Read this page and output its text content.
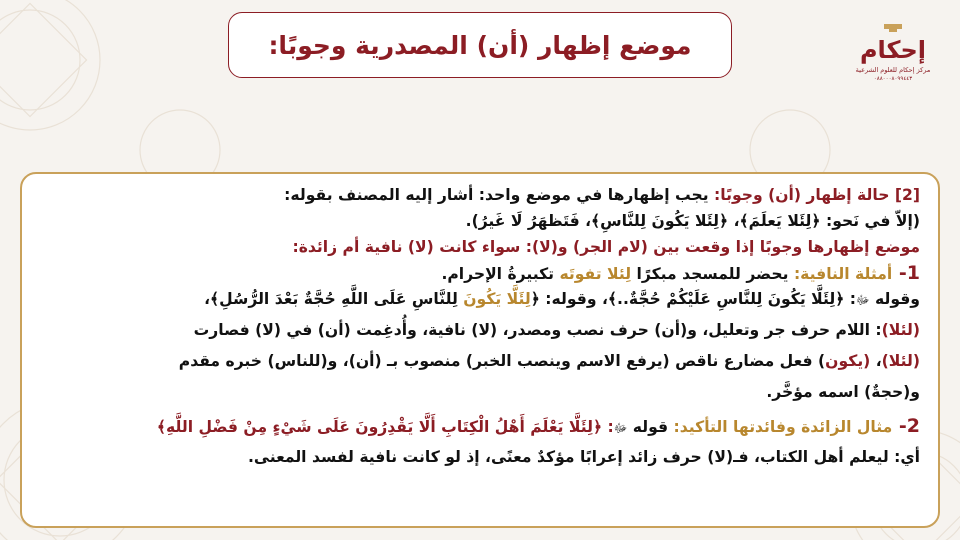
موضع إظهار (أن) المصدرية وجوبًا:	إحكام
مركز إحكام للعلوم الشرعية
٠٨٨٠٠٠٨٠٩٩٤٤٣
[2] حالة إظهار (أن) وجوبًا: يجب إظهارها في موضع واحد: أشار إليه المصنف بقوله:
(إلاّ في نَحو: ﴿لِئَلا يَعلَمَ﴾، ﴿لِئَلا يَكُونَ لِلنَّاسِ﴾، فَتَظهَرُ لَا غَيرُ).
موضع إظهارها وجوبًا إذا وقعت بين (لام الجر) و(لا): سواء كانت (لا) نافية أم زائدة:
1- أمثلة النافية: يحضر للمسجد مبكرًا لِئلا تفوتَه تكبيرةُ الإحرام.
وقوله ﷻ: ﴿لِئَلَّا يَكُونَ لِلنَّاسِ عَلَيْكُمْ حُجَّةٌ..﴾، وقوله: ﴿لِئَلَّا يَكُونَ لِلنَّاسِ عَلَى اللَّهِ حُجَّةٌ بَعْدَ الرُّسُلِ﴾،
(لئلا): اللام حرف جر وتعليل، و(أن) حرف نصب ومصدر، (لا) نافية، وأُدغِمت (أن) في (لا) فصارت
(لئلا)، (يكون) فعل مضارع ناقص (يرفع الاسم وينصب الخبر) منصوب بـ (أن)، و(للناس) خبره مقدم
و(حجةٌ) اسمه مؤخَّر.
2- مثال الزائدة وفائدتها التأكيد: قوله ﷻ: ﴿لِئَلَّا يَعْلَمَ أَهْلُ الْكِتَابِ أَلَّا يَقْدِرُونَ عَلَى شَيْءٍ مِنْ فَضْلِ اللَّهِ﴾
أي: ليعلم أهل الكتاب، فـ(لا) حرف زائد إعرابًا مؤكدٌ معنًى، إذ لو كانت نافية لفسد المعنى.
